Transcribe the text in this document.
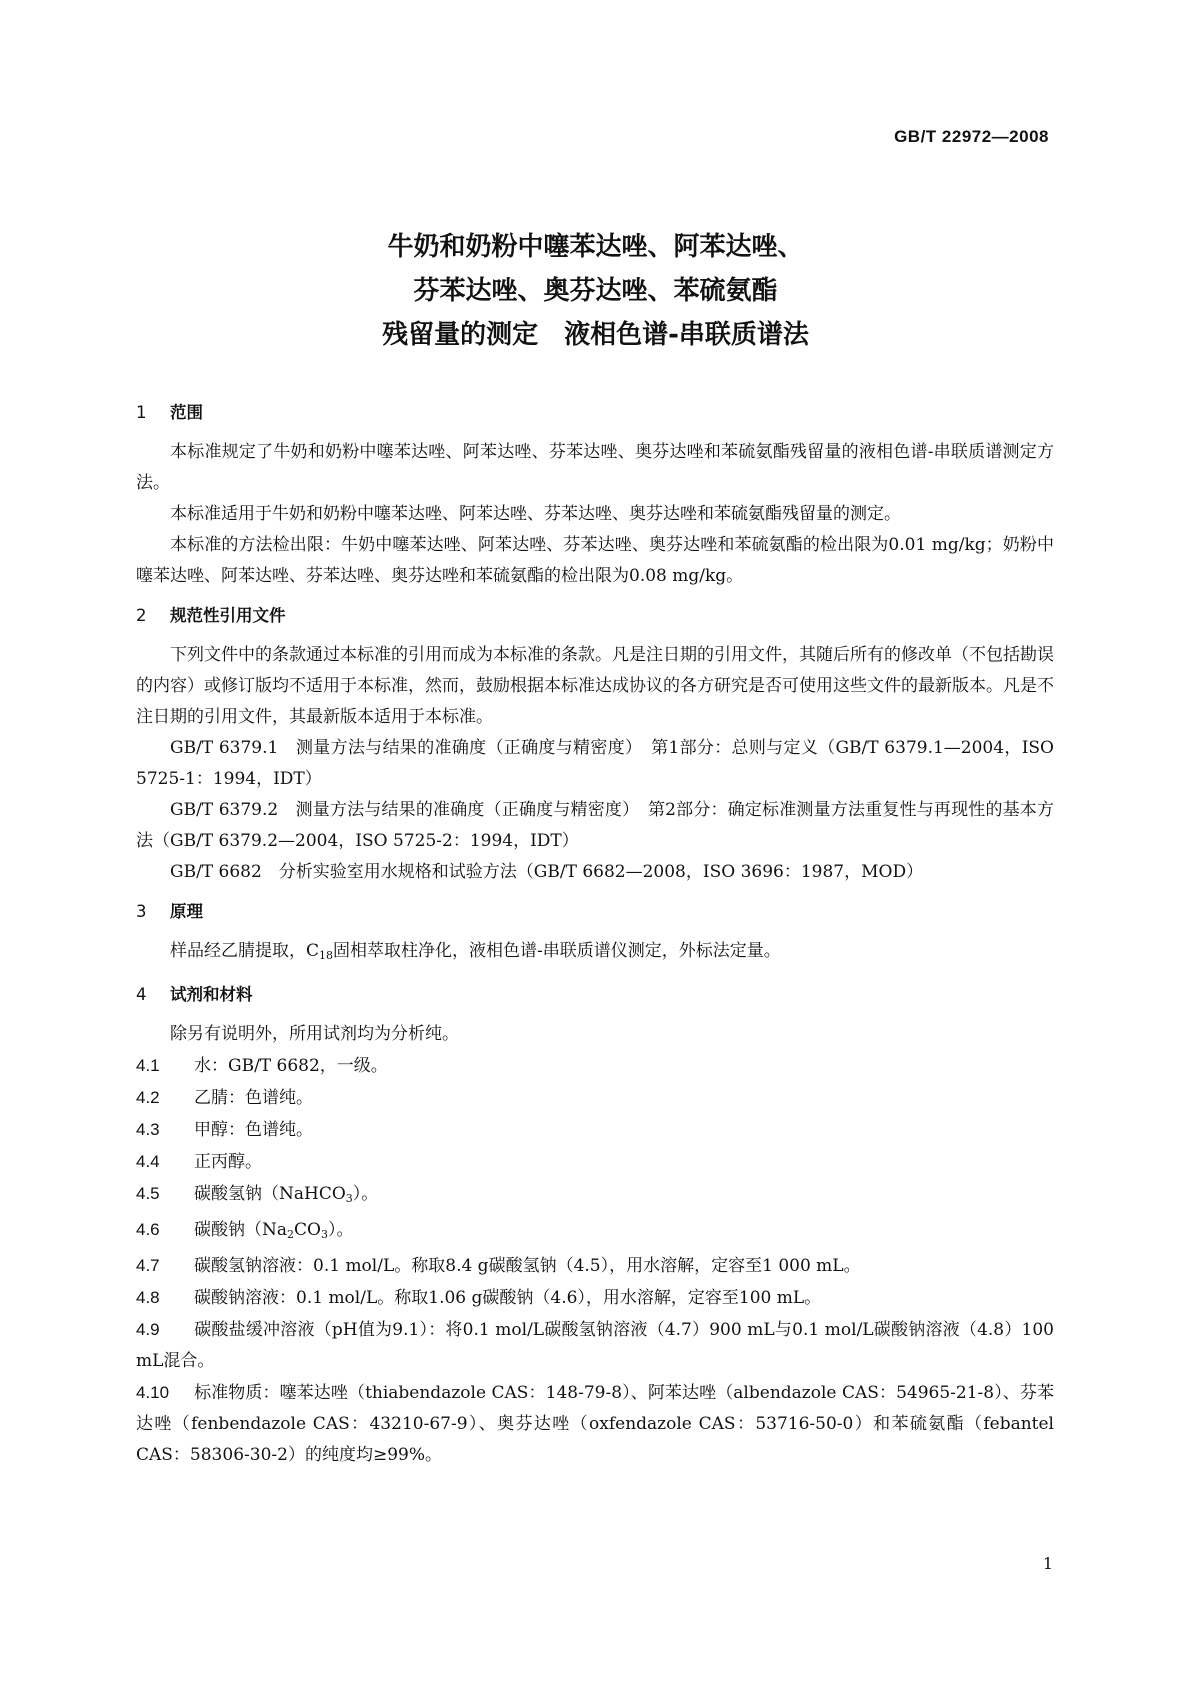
GB/T 22972—2008
牛奶和奶粉中噻苯达唑、阿苯达唑、
芬苯达唑、奥芬达唑、苯硫氨酯
残留量的测定　液相色谱-串联质谱法
1 范围

本标准规定了牛奶和奶粉中噻苯达唑、阿苯达唑、芬苯达唑、奥芬达唑和苯硫氨酯残留量的液相色谱-串联质谱测定方法。

本标准适用于牛奶和奶粉中噻苯达唑、阿苯达唑、芬苯达唑、奥芬达唑和苯硫氨酯残留量的测定。

本标准的方法检出限：牛奶中噻苯达唑、阿苯达唑、芬苯达唑、奥芬达唑和苯硫氨酯的检出限为0.01 mg/kg；奶粉中噻苯达唑、阿苯达唑、芬苯达唑、奥芬达唑和苯硫氨酯的检出限为0.08 mg/kg。

2 规范性引用文件

下列文件中的条款通过本标准的引用而成为本标准的条款。凡是注日期的引用文件，其随后所有的修改单（不包括勘误的内容）或修订版均不适用于本标准，然而，鼓励根据本标准达成协议的各方研究是否可使用这些文件的最新版本。凡是不注日期的引用文件，其最新版本适用于本标准。

GB/T 6379.1　测量方法与结果的准确度（正确度与精密度）　第1部分：总则与定义（GB/T 6379.1—2004，ISO 5725-1：1994，IDT）

GB/T 6379.2　测量方法与结果的准确度（正确度与精密度）　第2部分：确定标准测量方法重复性与再现性的基本方法（GB/T 6379.2—2004，ISO 5725-2：1994，IDT）

GB/T 6682　分析实验室用水规格和试验方法（GB/T 6682—2008，ISO 3696：1987，MOD）

3 原理

样品经乙腈提取，$C_{18}$固相萃取柱净化，液相色谱-串联质谱仪测定，外标法定量。

4 试剂和材料

除另有说明外，所用试剂均为分析纯。

4.1 水：GB/T 6682，一级。

4.2 乙腈：色谱纯。

4.3 甲醇：色谱纯。

4.4 正丙醇。

4.5 碳酸氢钠（NaHCO$_3$）。

4.6 碳酸钠$(Na_2CO_3)$。

4.7 碳酸氢钠溶液：0.1 mol/L。称取8.4 g碳酸氢钠（4.5），用水溶解，定容至1 000 mL。

4.8 碳酸钠溶液：0.1 mol/L。称取1.06 g碳酸钠（4.6），用水溶解，定容至100 mL。

4.9 碳酸盐缓冲溶液（pH值为9.1）：将0.1 mol/L碳酸氢钠溶液（4.7）900 mL与0.1 mol/L碳酸钠溶液（4.8）100 mL混合。

4.10 标准物质：噻苯达唑（thiabendazole CAS：148-79-8）、阿苯达唑（albendazole CAS：54965-21-8）、芬苯达唑（fenbendazole CAS：43210-67-9）、奥芬达唑（oxfendazole CAS：53716-50-0）和苯硫氨酯（febantel CAS：58306-30-2）的纯度均≥99%。

1
